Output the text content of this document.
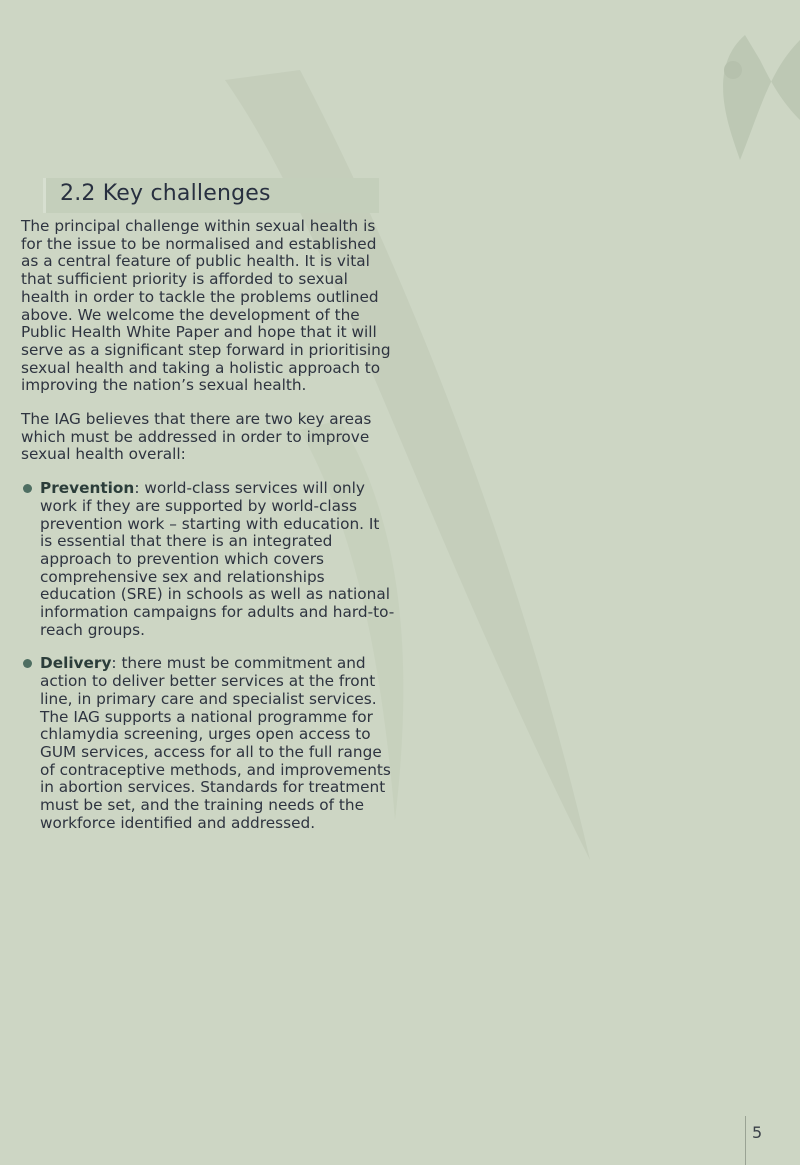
2.2 Key challenges

The principal challenge within sexual health is for the issue to be normalised and established as a central feature of public health. It is vital that sufficient priority is afforded to sexual health in order to tackle the problems outlined above. We welcome the development of the Public Health White Paper and hope that it will serve as a significant step forward in prioritising sexual health and taking a holistic approach to improving the nation’s sexual health.

The IAG believes that there are two key areas which must be addressed in order to improve sexual health overall:

Prevention: world-class services will only work if they are supported by world-class prevention work – starting with education. It is essential that there is an integrated approach to prevention which covers comprehensive sex and relationships education (SRE) in schools as well as national information campaigns for adults and hard-to-reach groups.
Delivery: there must be commitment and action to deliver better services at the front line, in primary care and specialist services. The IAG supports a national programme for chlamydia screening, urges open access to GUM services, access for all to the full range of contraceptive methods, and improvements in abortion services. Standards for treatment must be set, and the training needs of the workforce identified and addressed.
5
